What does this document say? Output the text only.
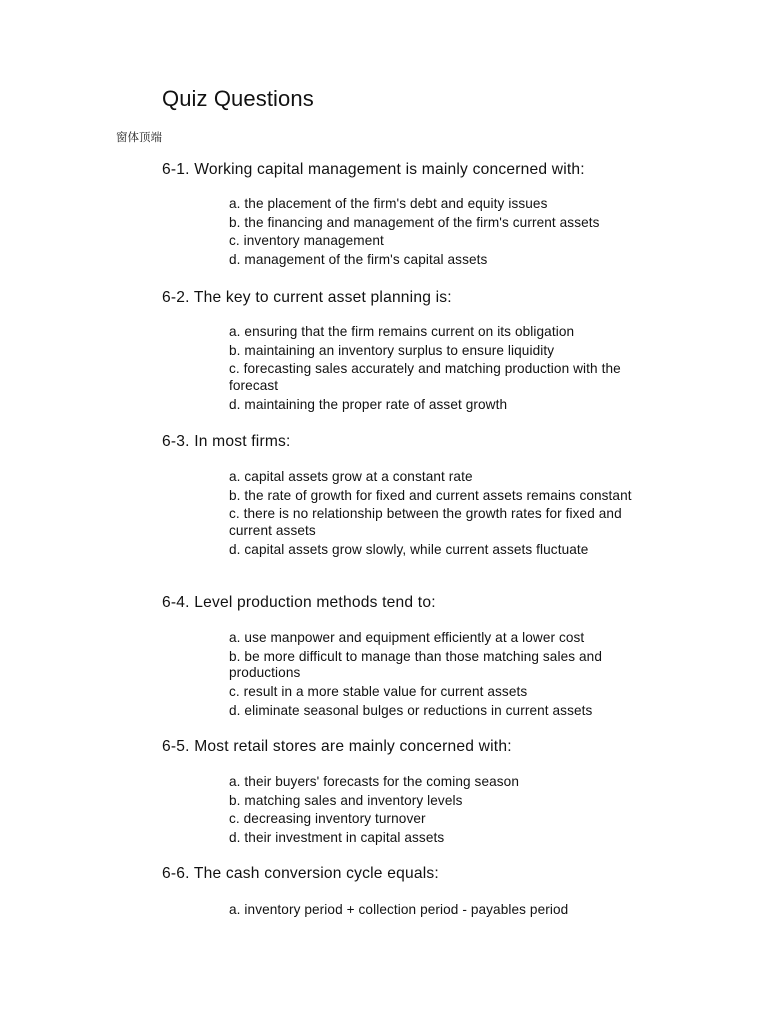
Quiz Questions
窗体顶端

6-1. Working capital management is mainly concerned with:

a. the placement of the firm's debt and equity issues
b. the financing and management of the firm's current assets
c. inventory management
d. management of the firm's capital assets

6-2. The key to current asset planning is:

a. ensuring that the firm remains current on its obligation
b. maintaining an inventory surplus to ensure liquidity
c. forecasting sales accurately and matching production with the forecast
d. maintaining the proper rate of asset growth

6-3. In most firms:

a. capital assets grow at a constant rate
b. the rate of growth for fixed and current assets remains constant
c. there is no relationship between the growth rates for fixed and current assets
d. capital assets grow slowly, while current assets fluctuate

6-4. Level production methods tend to:

a. use manpower and equipment efficiently at a lower cost
b. be more difficult to manage than those matching sales and productions
c. result in a more stable value for current assets
d. eliminate seasonal bulges or reductions in current assets

6-5. Most retail stores are mainly concerned with:

a. their buyers' forecasts for the coming season
b. matching sales and inventory levels
c. decreasing inventory turnover
d. their investment in capital assets

6-6. The cash conversion cycle equals:

a. inventory period + collection period - payables period
